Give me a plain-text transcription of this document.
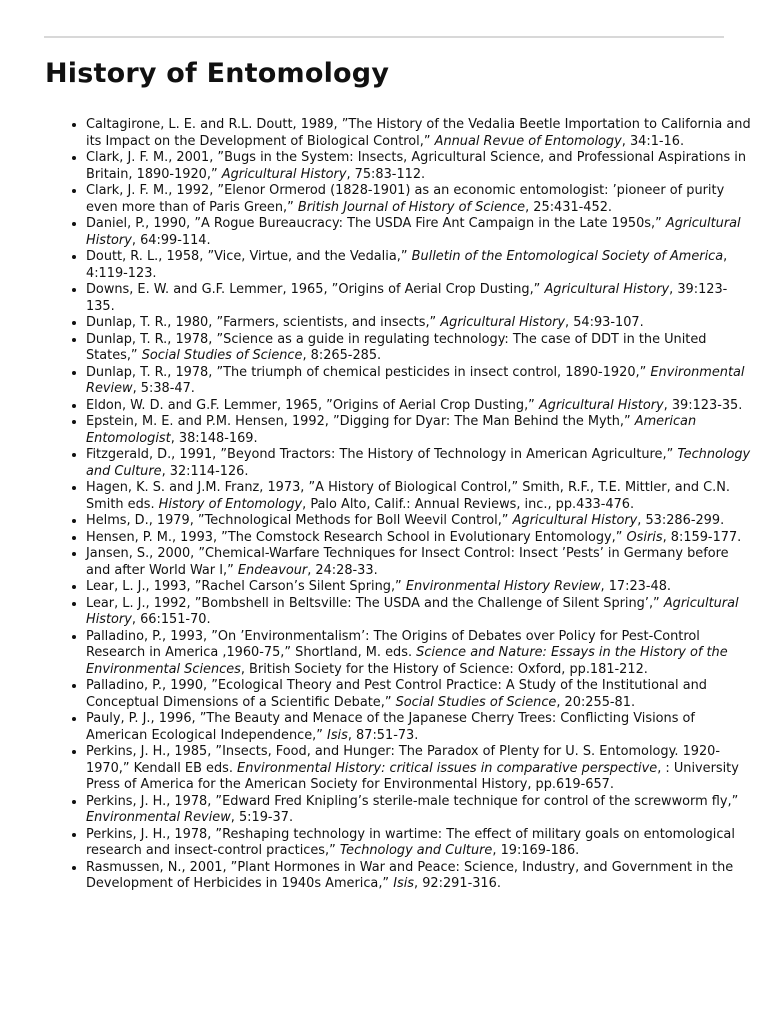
History of Entomology
• Caltagirone, L. E. and R.L. Doutt, 1989, ”The History of the Vedalia Beetle Importation to California and its Impact on the Development of Biological Control,” Annual Revue of Entomology, 34:1-16.
• Clark, J. F. M., 2001, ”Bugs in the System: Insects, Agricultural Science, and Professional Aspirations in Britain, 1890-1920,” Agricultural History, 75:83-112.
• Clark, J. F. M., 1992, ”Elenor Ormerod (1828-1901) as an economic entomologist: ’pioneer of purity even more than of Paris Green,” British Journal of History of Science, 25:431-452.
• Daniel, P., 1990, ”A Rogue Bureaucracy: The USDA Fire Ant Campaign in the Late 1950s,” Agricultural History, 64:99-114.
• Doutt, R. L., 1958, ”Vice, Virtue, and the Vedalia,” Bulletin of the Entomological Society of America, 4:119-123.
• Downs, E. W. and G.F. Lemmer, 1965, ”Origins of Aerial Crop Dusting,” Agricultural History, 39:123-135.
• Dunlap, T. R., 1980, ”Farmers, scientists, and insects,” Agricultural History, 54:93-107.
• Dunlap, T. R., 1978, ”Science as a guide in regulating technology: The case of DDT in the United States,” Social Studies of Science, 8:265-285.
• Dunlap, T. R., 1978, ”The triumph of chemical pesticides in insect control, 1890-1920,” Environmental Review, 5:38-47.
• Eldon, W. D. and G.F. Lemmer, 1965, ”Origins of Aerial Crop Dusting,” Agricultural History, 39:123-35.
• Epstein, M. E. and P.M. Hensen, 1992, ”Digging for Dyar: The Man Behind the Myth,” American Entomologist, 38:148-169.
• Fitzgerald, D., 1991, ”Beyond Tractors: The History of Technology in American Agriculture,” Technology and Culture, 32:114-126.
• Hagen, K. S. and J.M. Franz, 1973, ”A History of Biological Control,” Smith, R.F., T.E. Mittler, and C.N. Smith eds. History of Entomology, Palo Alto, Calif.: Annual Reviews, inc., pp.433-476.
• Helms, D., 1979, ”Technological Methods for Boll Weevil Control,” Agricultural History, 53:286-299.
• Hensen, P. M., 1993, ”The Comstock Research School in Evolutionary Entomology,” Osiris, 8:159-177.
• Jansen, S., 2000, ”Chemical-Warfare Techniques for Insect Control: Insect ’Pests’ in Germany before and after World War I,” Endeavour, 24:28-33.
• Lear, L. J., 1993, ”Rachel Carson’s Silent Spring,” Environmental History Review, 17:23-48.
• Lear, L. J., 1992, ”Bombshell in Beltsville: The USDA and the Challenge of Silent Spring’,” Agricultural History, 66:151-70.
• Palladino, P., 1993, ”On ’Environmentalism’: The Origins of Debates over Policy for Pest-Control Research in America ,1960-75,” Shortland, M. eds. Science and Nature: Essays in the History of the Environmental Sciences, British Society for the History of Science: Oxford, pp.181-212.
• Palladino, P., 1990, ”Ecological Theory and Pest Control Practice: A Study of the Institutional and Conceptual Dimensions of a Scientific Debate,” Social Studies of Science, 20:255-81.
• Pauly, P. J., 1996, ”The Beauty and Menace of the Japanese Cherry Trees: Conflicting Visions of American Ecological Independence,” Isis, 87:51-73.
• Perkins, J. H., 1985, ”Insects, Food, and Hunger: The Paradox of Plenty for U. S. Entomology. 1920-1970,” Kendall EB eds. Environmental History: critical issues in comparative perspective, : University Press of America for the American Society for Environmental History, pp.619-657.
• Perkins, J. H., 1978, ”Edward Fred Knipling’s sterile-male technique for control of the screwworm fly,” Environmental Review, 5:19-37.
• Perkins, J. H., 1978, ”Reshaping technology in wartime: The effect of military goals on entomological research and insect-control practices,” Technology and Culture, 19:169-186.
• Rasmussen, N., 2001, ”Plant Hormones in War and Peace: Science, Industry, and Government in the Development of Herbicides in 1940s America,” Isis, 92:291-316.
